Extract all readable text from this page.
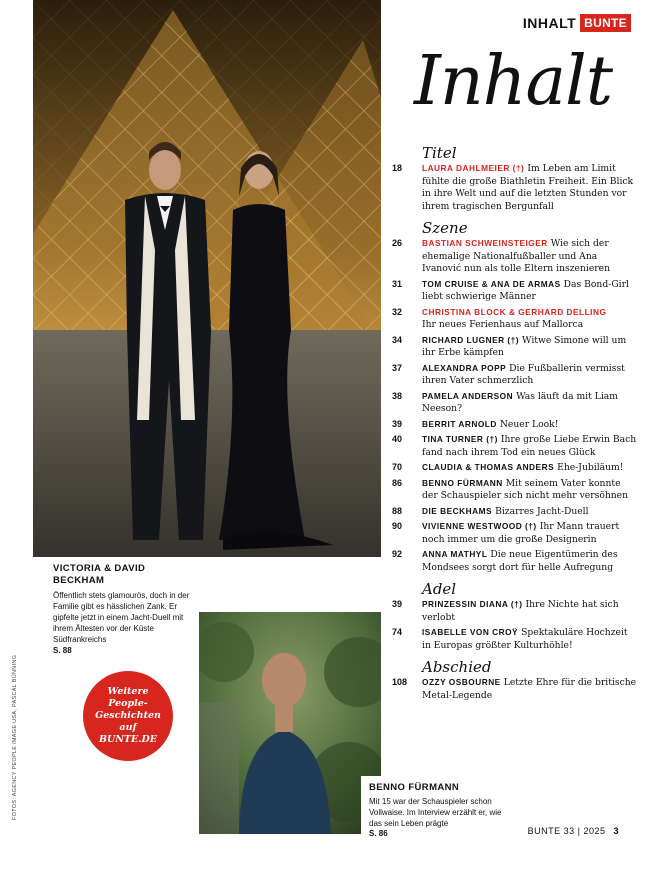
INHALT BUNTE
Inhalt
VICTORIA & DAVID BECKHAM
Öffentlich stets glamourös, doch in der Familie gibt es hässlichen Zank. Er gipfelte jetzt in einem Jacht-Duell mit ihrem Ältesten vor der Küste Südfrankreichs
S. 88
FOTOS: AGENCY PEOPLE IMAGE USA, PASCAL BÜNNING	Weitere People-Geschichten auf BUNTE.DE
BENNO FÜRMANN
Mit 15 war der Schauspieler schon Vollwaise. Im Interview erzählt er, wie das sein Leben prägte
S. 86
Titel
18	LAURA DAHLMEIER (†) Im Leben am Limit fühlte die große Biathletin Freiheit. Ein Blick in ihre Welt und auf die letzten Stunden vor ihrem tragischen Bergunfall
Szene
26	BASTIAN SCHWEINSTEIGER Wie sich der ehemalige Nationalfußballer und Ana Ivanović nun als tolle Eltern inszenieren
31	TOM CRUISE & ANA DE ARMAS Das Bond-Girl liebt schwierige Männer
32	CHRISTINA BLOCK & GERHARD DELLING
Ihr neues Ferienhaus auf Mallorca
34	RICHARD LUGNER (†) Witwe Simone will um ihr Erbe kämpfen
37	ALEXANDRA POPP Die Fußballerin vermisst ihren Vater schmerzlich
38	PAMELA ANDERSON Was läuft da mit Liam Neeson?
39	BERRIT ARNOLD Neuer Look!
40	TINA TURNER (†) Ihre große Liebe Erwin Bach fand nach ihrem Tod ein neues Glück
70	CLAUDIA & THOMAS ANDERS Ehe-Jubiläum!
86	BENNO FÜRMANN Mit seinem Vater konnte der Schauspieler sich nicht mehr versöhnen
88	DIE BECKHAMS Bizarres Jacht-Duell
90	VIVIENNE WESTWOOD (†) Ihr Mann trauert noch immer um die große Designerin
92	ANNA MATHYL Die neue Eigentümerin des Mondsees sorgt dort für helle Aufregung
Adel
39	PRINZESSIN DIANA (†) Ihre Nichte hat sich verlobt
74	ISABELLE VON CROŸ Spektakuläre Hochzeit in Europas größter Kulturhöhle!
Abschied
108	OZZY OSBOURNE Letzte Ehre für die britische Metal-Legende
BUNTE 33 | 2025 3
